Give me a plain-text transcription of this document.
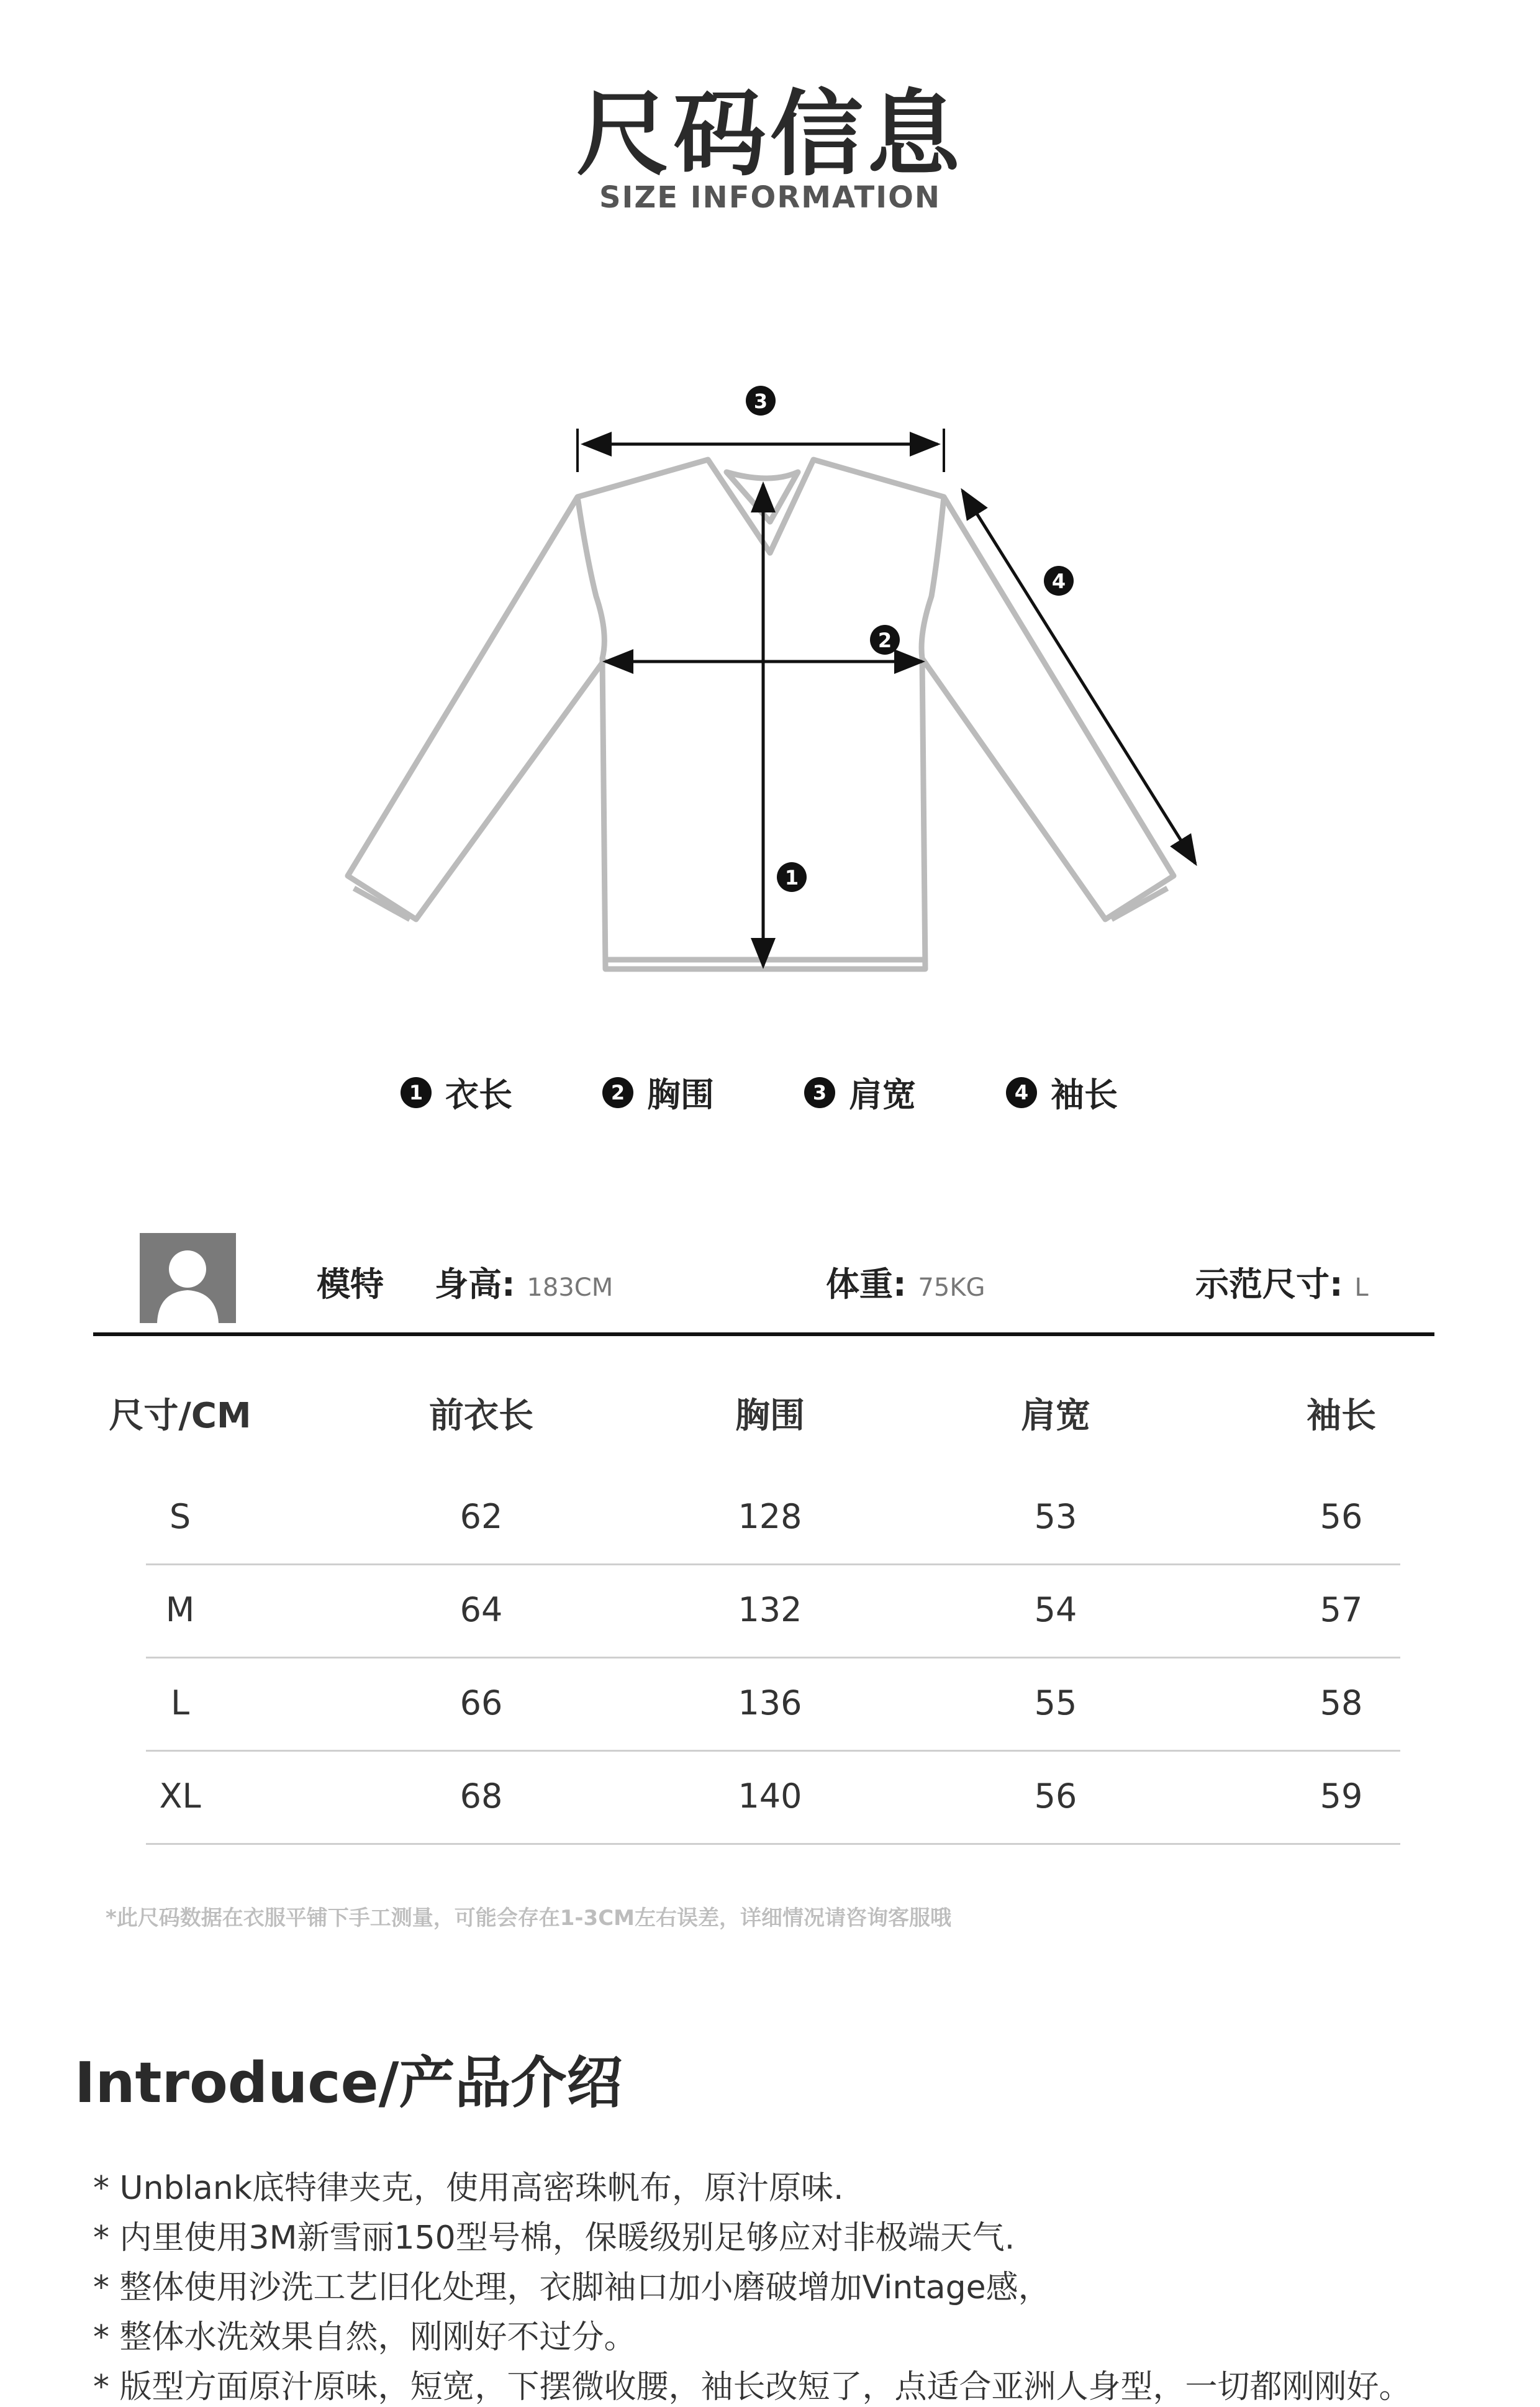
尺码信息
SIZE INFORMATION
3
4
2
1
1 衣长	2 胸围	3 肩宽	4 袖长
模特 身高: 183CM	体重: 75KG	示范尺寸: L
尺寸/CM	前衣长	胸围	肩宽	袖长
S	62	128	53	56
M	64	132	54	57
L	66	136	55	58
XL	68	140	56	59
*此尺码数据在衣服平铺下手工测量，可能会存在1-3CM左右误差，详细情况请咨询客服哦
Introduce/产品介绍
* Unblank底特律夹克，使用高密珠帆布，原汁原味.
* 内里使用3M新雪丽150型号棉，保暖级别足够应对非极端天气.
* 整体使用沙洗工艺旧化处理，衣脚袖口加小磨破增加Vintage感，
* 整体水洗效果自然，刚刚好不过分。
* 版型方面原汁原味，短宽，下摆微收腰，袖长改短了，点适合亚洲人身型，一切都刚刚好。
